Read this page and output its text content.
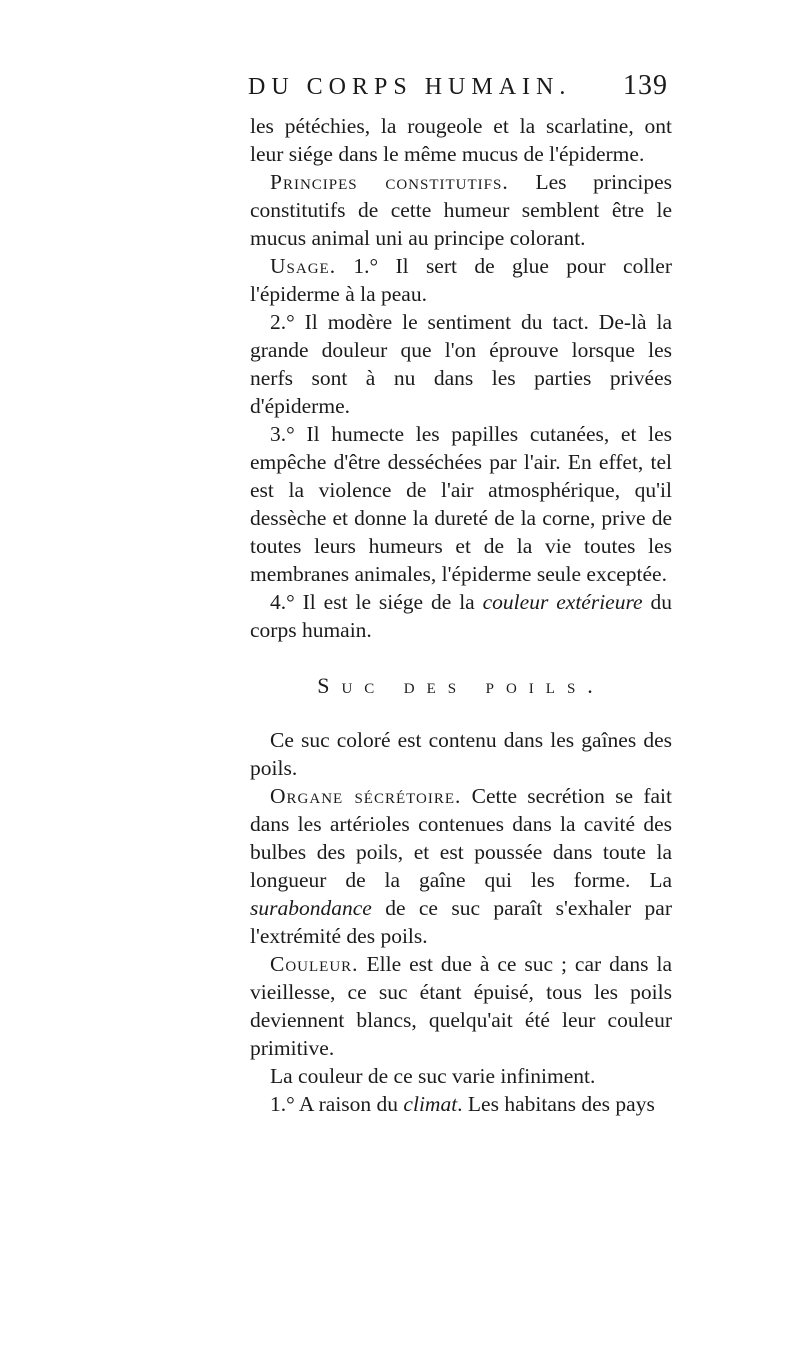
DU CORPS HUMAIN. 139

les pétéchies, la rougeole et la scarlatine, ont leur siége dans le même mucus de l'épiderme.

Principes constitutifs. Les principes constitutifs de cette humeur semblent être le mucus animal uni au principe colorant.

Usage. 1.° Il sert de glue pour coller l'épiderme à la peau.

2.° Il modère le sentiment du tact. De-là la grande douleur que l'on éprouve lorsque les nerfs sont à nu dans les parties privées d'épiderme.

3.° Il humecte les papilles cutanées, et les empêche d'être desséchées par l'air. En effet, tel est la violence de l'air atmosphérique, qu'il dessèche et donne la dureté de la corne, prive de toutes leurs humeurs et de la vie toutes les membranes animales, l'épiderme seule exceptée.

4.° Il est le siége de la couleur extérieure du corps humain.

Suc des poils.

Ce suc coloré est contenu dans les gaînes des poils.

Organe sécrétoire. Cette secrétion se fait dans les artérioles contenues dans la cavité des bulbes des poils, et est poussée dans toute la longueur de la gaîne qui les forme. La surabondance de ce suc paraît s'exhaler par l'extrémité des poils.

Couleur. Elle est due à ce suc ; car dans la vieillesse, ce suc étant épuisé, tous les poils deviennent blancs, quelqu'ait été leur couleur primitive.

La couleur de ce suc varie infiniment.

1.° A raison du climat. Les habitans des pays
